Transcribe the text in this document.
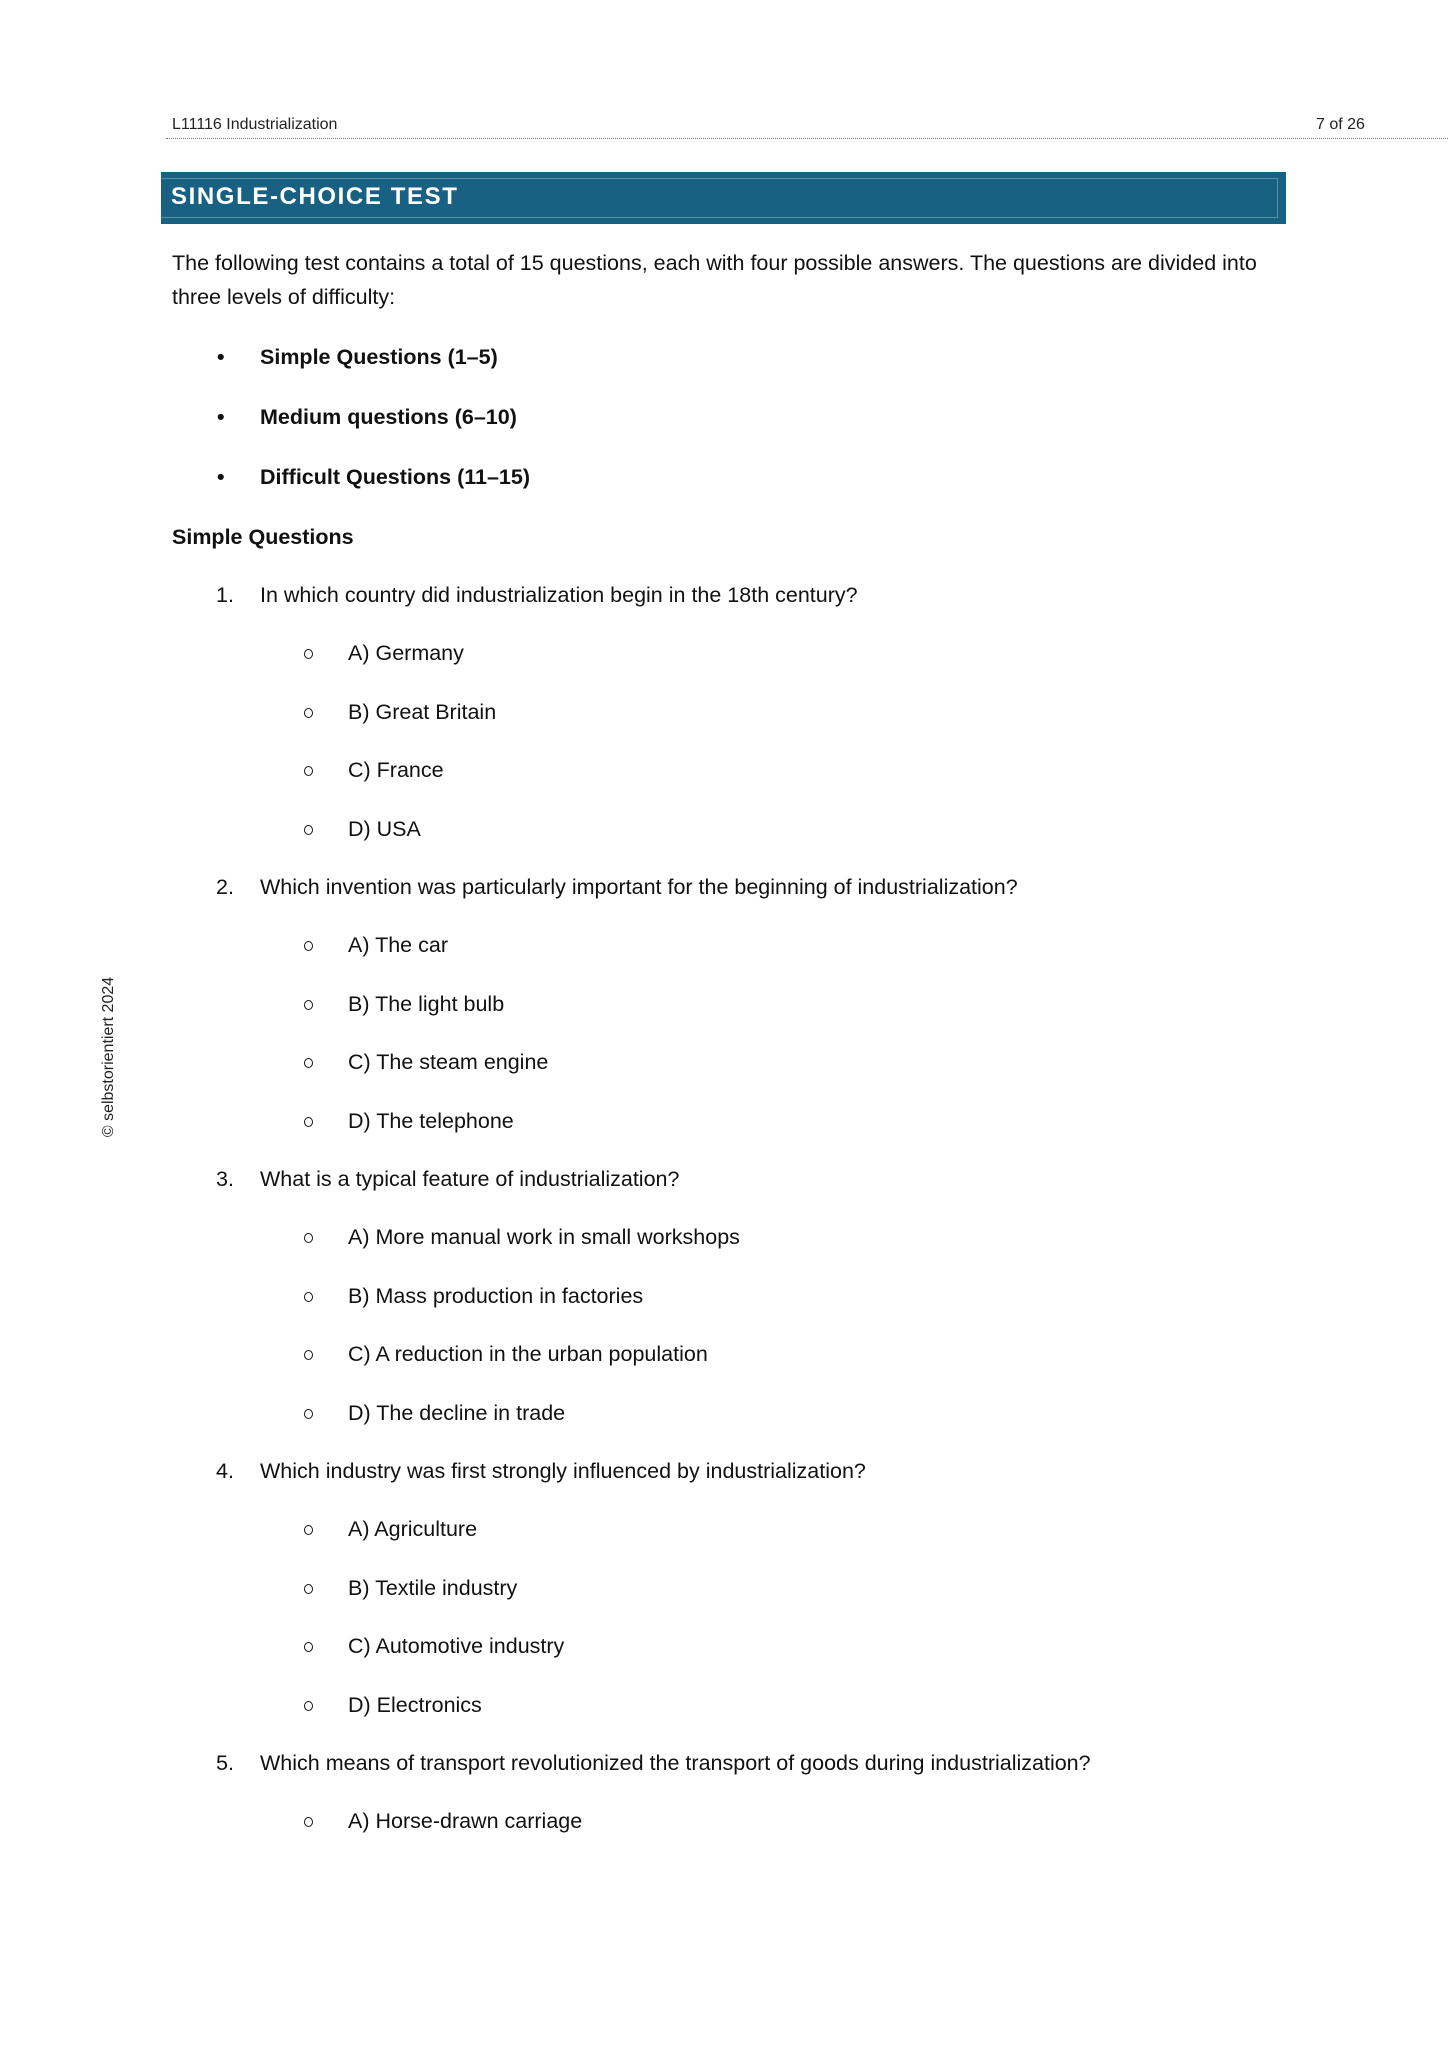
L11116 Industrialization	7 of 26
SINGLE-CHOICE TEST
The following test contains a total of 15 questions, each with four possible answers. The questions are divided into three levels of difficulty:
• Simple Questions (1–5)
• Medium questions (6–10)
• Difficult Questions (11–15)
Simple Questions
1. In which country did industrialization begin in the 18th century?
A) Germany
B) Great Britain
C) France
D) USA
2. Which invention was particularly important for the beginning of industrialization?
A) The car
B) The light bulb
C) The steam engine
D) The telephone
3. What is a typical feature of industrialization?
A) More manual work in small workshops
B) Mass production in factories
C) A reduction in the urban population
D) The decline in trade
4. Which industry was first strongly influenced by industrialization?
A) Agriculture
B) Textile industry
C) Automotive industry
D) Electronics
5. Which means of transport revolutionized the transport of goods during industrialization?
A) Horse-drawn carriage
© selbstorientiert 2024
